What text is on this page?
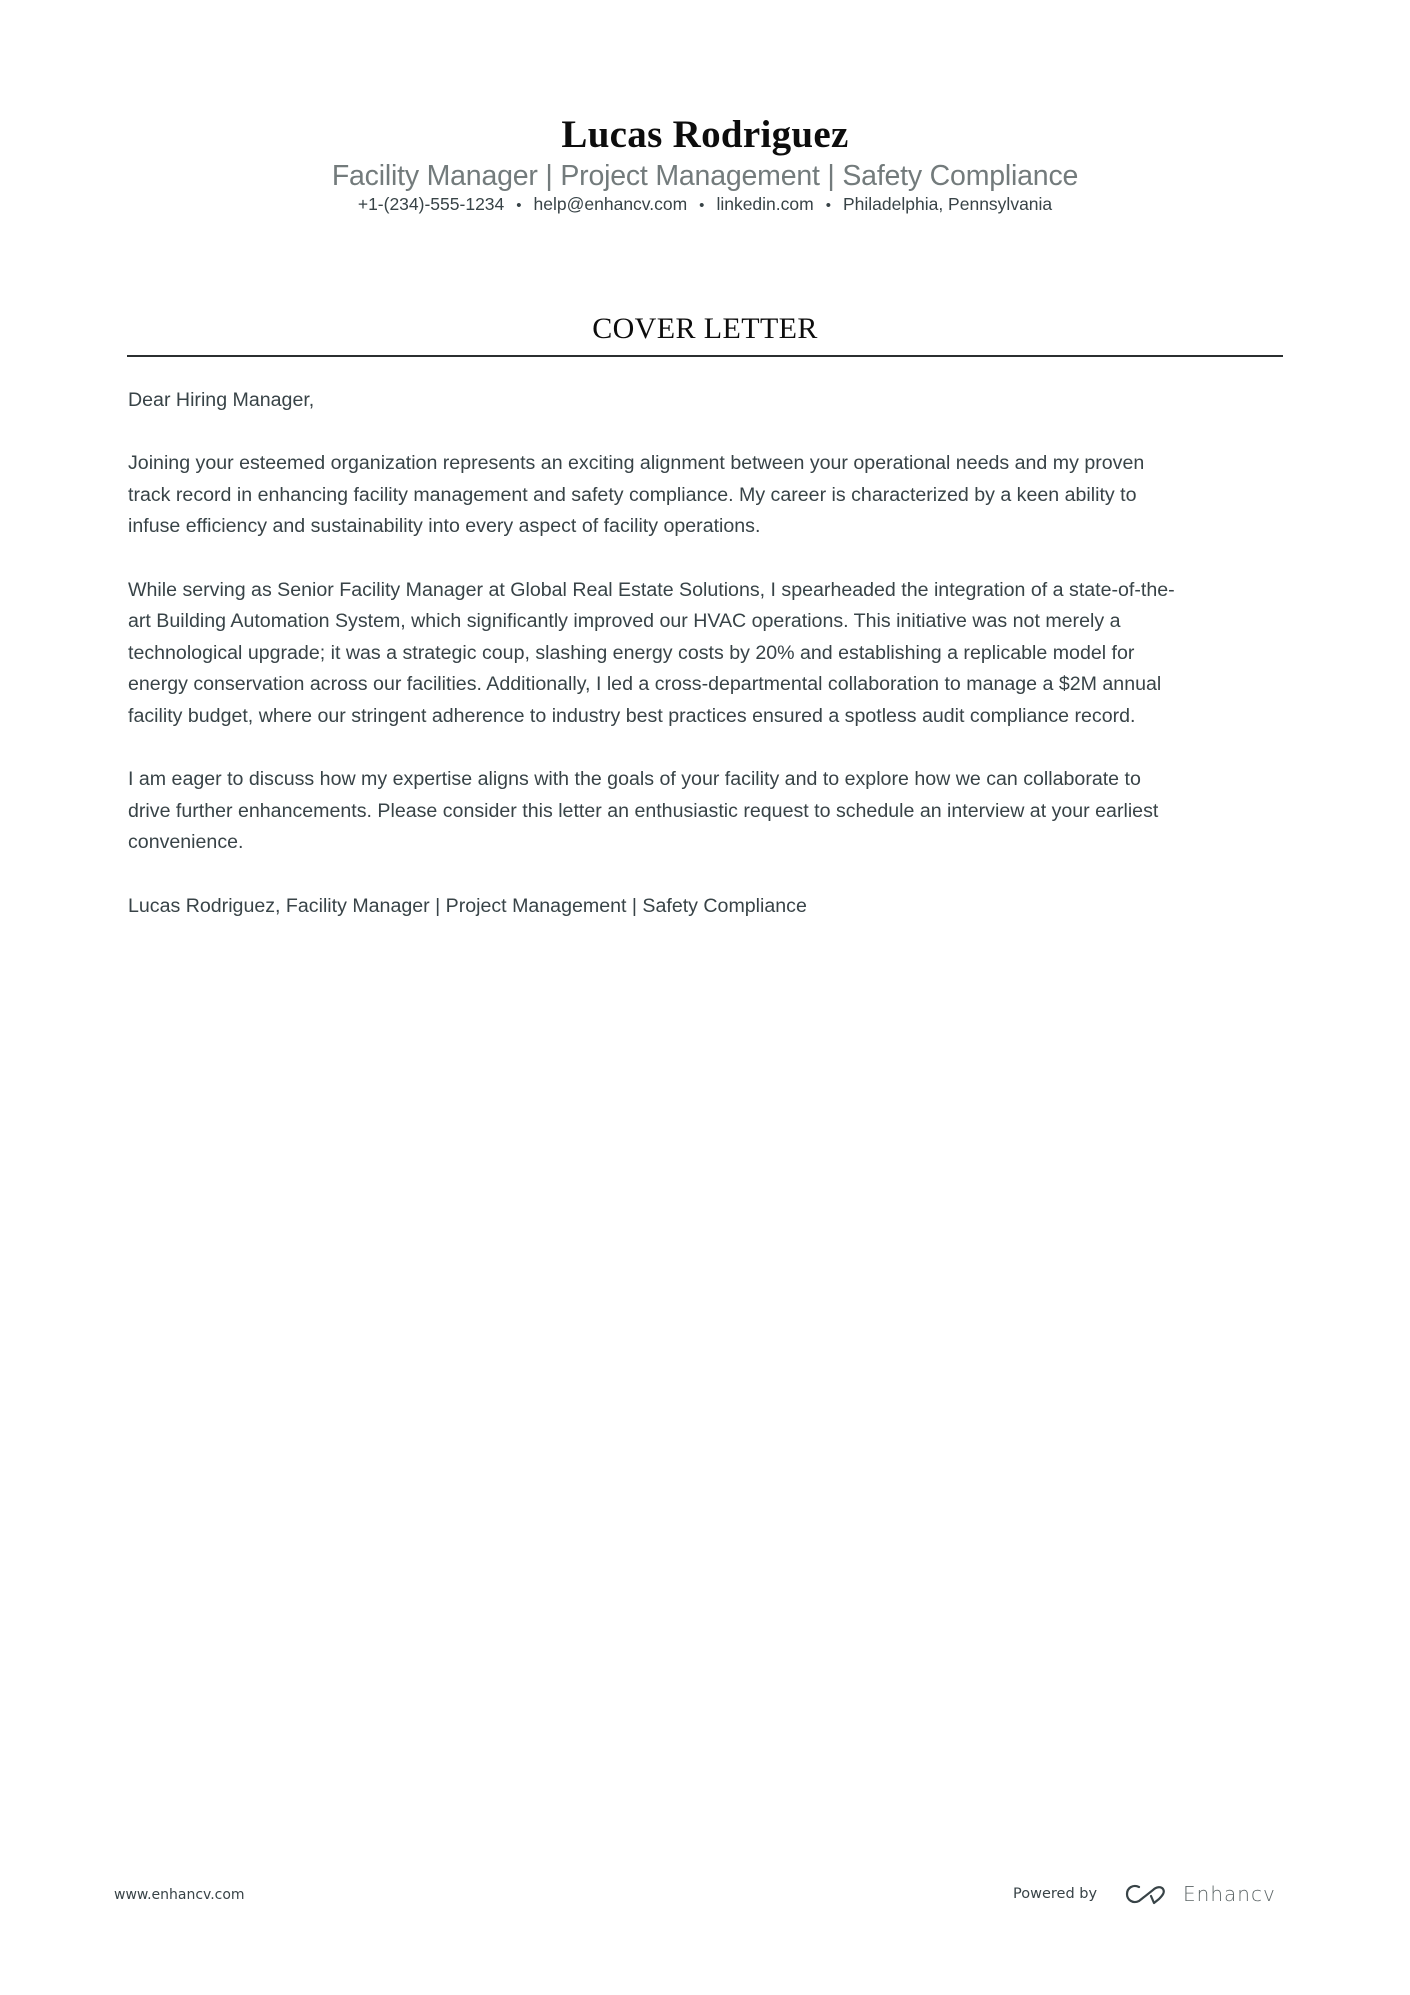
Lucas Rodriguez
Facility Manager | Project Management | Safety Compliance
+1-(234)-555-1234 • help@enhancv.com • linkedin.com • Philadelphia, Pennsylvania
COVER LETTER
Dear Hiring Manager,
Joining your esteemed organization represents an exciting alignment between your operational needs and my proven
track record in enhancing facility management and safety compliance. My career is characterized by a keen ability to
infuse efficiency and sustainability into every aspect of facility operations.
While serving as Senior Facility Manager at Global Real Estate Solutions, I spearheaded the integration of a state-of-the-
art Building Automation System, which significantly improved our HVAC operations. This initiative was not merely a
technological upgrade; it was a strategic coup, slashing energy costs by 20% and establishing a replicable model for
energy conservation across our facilities. Additionally, I led a cross-departmental collaboration to manage a $2M annual
facility budget, where our stringent adherence to industry best practices ensured a spotless audit compliance record.
I am eager to discuss how my expertise aligns with the goals of your facility and to explore how we can collaborate to
drive further enhancements. Please consider this letter an enthusiastic request to schedule an interview at your earliest
convenience.
Lucas Rodriguez, Facility Manager | Project Management | Safety Compliance
www.enhancv.com	Powered by	Enhancv
